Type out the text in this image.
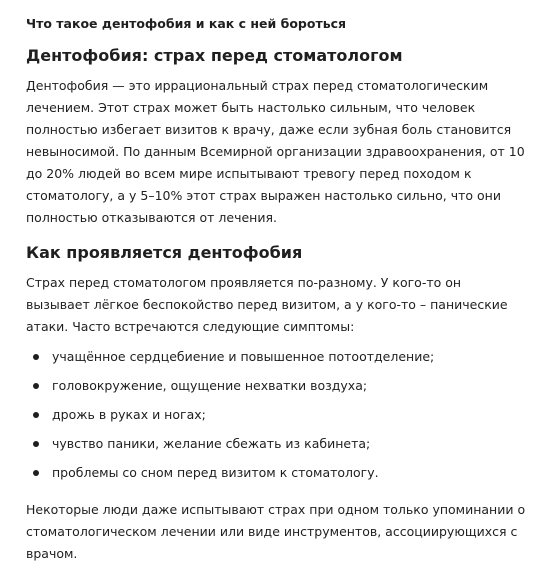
Что такое дентофобия и как с ней бороться
Дентофобия: страх перед стоматологом

Дентофобия — это иррациональный страх перед стоматологическим лечением. Этот страх может быть настолько сильным, что человек полностью избегает визитов к врачу, даже если зубная боль становится невыносимой. По данным Всемирной организации здравоохранения, от 10 до 20% людей во всем мире испытывают тревогу перед походом к стоматологу, а у 5–10% этот страх выражен настолько сильно, что они полностью отказываются от лечения.

Как проявляется дентофобия

Страх перед стоматологом проявляется по-разному. У кого-то он вызывает лёгкое беспокойство перед визитом, а у кого-то – панические атаки. Часто встречаются следующие симптомы:

учащённое сердцебиение и повышенное потоотделение;
головокружение, ощущение нехватки воздуха;
дрожь в руках и ногах;
чувство паники, желание сбежать из кабинета;
проблемы со сном перед визитом к стоматологу.

Некоторые люди даже испытывают страх при одном только упоминании о стоматологическом лечении или виде инструментов, ассоциирующихся с врачом.
